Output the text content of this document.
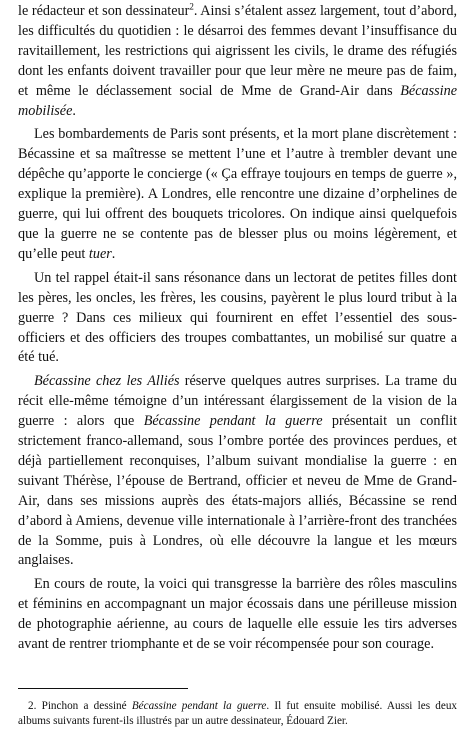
le rédacteur et son dessinateur$^2$. Ainsi s’étalent assez largement, tout d’abord, les difficultés du quotidien : le désarroi des femmes devant l’insuffisance du ravitaillement, les restrictions qui aigrissent les civils, le drame des réfugiés dont les enfants doivent travailler pour que leur mère ne meure pas de faim, et même le déclassement social de Mme de Grand-Air dans Bécassine mobilisée.

Les bombardements de Paris sont présents, et la mort plane discrètement : Bécassine et sa maîtresse se mettent l’une et l’autre à trembler devant une dépêche qu’apporte le concierge (« Ça effraye toujours en temps de guerre », explique la première). A Londres, elle rencontre une dizaine d’orphelines de guerre, qui lui offrent des bouquets tricolores. On indique ainsi quelquefois que la guerre ne se contente pas de blesser plus ou moins légèrement, et qu’elle peut tuer.

Un tel rappel était-il sans résonance dans un lectorat de petites filles dont les pères, les oncles, les frères, les cousins, payèrent le plus lourd tribut à la guerre ? Dans ces milieux qui fournirent en effet l’essentiel des sous-officiers et des officiers des troupes combattantes, un mobilisé sur quatre a été tué.

Bécassine chez les Alliés réserve quelques autres surprises. La trame du récit elle-même témoigne d’un intéressant élargissement de la vision de la guerre : alors que Bécassine pendant la guerre présentait un conflit strictement franco-allemand, sous l’ombre portée des provinces perdues, et déjà partiellement reconquises, l’album suivant mondialise la guerre : en suivant Thérèse, l’épouse de Bertrand, officier et neveu de Mme de Grand-Air, dans ses missions auprès des états-majors alliés, Bécassine se rend d’abord à Amiens, devenue ville internationale à l’arrière-front des tranchées de la Somme, puis à Londres, où elle découvre la langue et les mœurs anglaises.

En cours de route, la voici qui transgresse la barrière des rôles masculins et féminins en accompagnant un major écossais dans une périlleuse mission de photographie aérienne, au cours de laquelle elle essuie les tirs adverses avant de rentrer triomphante et de se voir récompensée pour son courage.

2. Pinchon a dessiné Bécassine pendant la guerre. Il fut ensuite mobilisé. Aussi les deux albums suivants furent-ils illustrés par un autre dessinateur, Édouard Zier.
